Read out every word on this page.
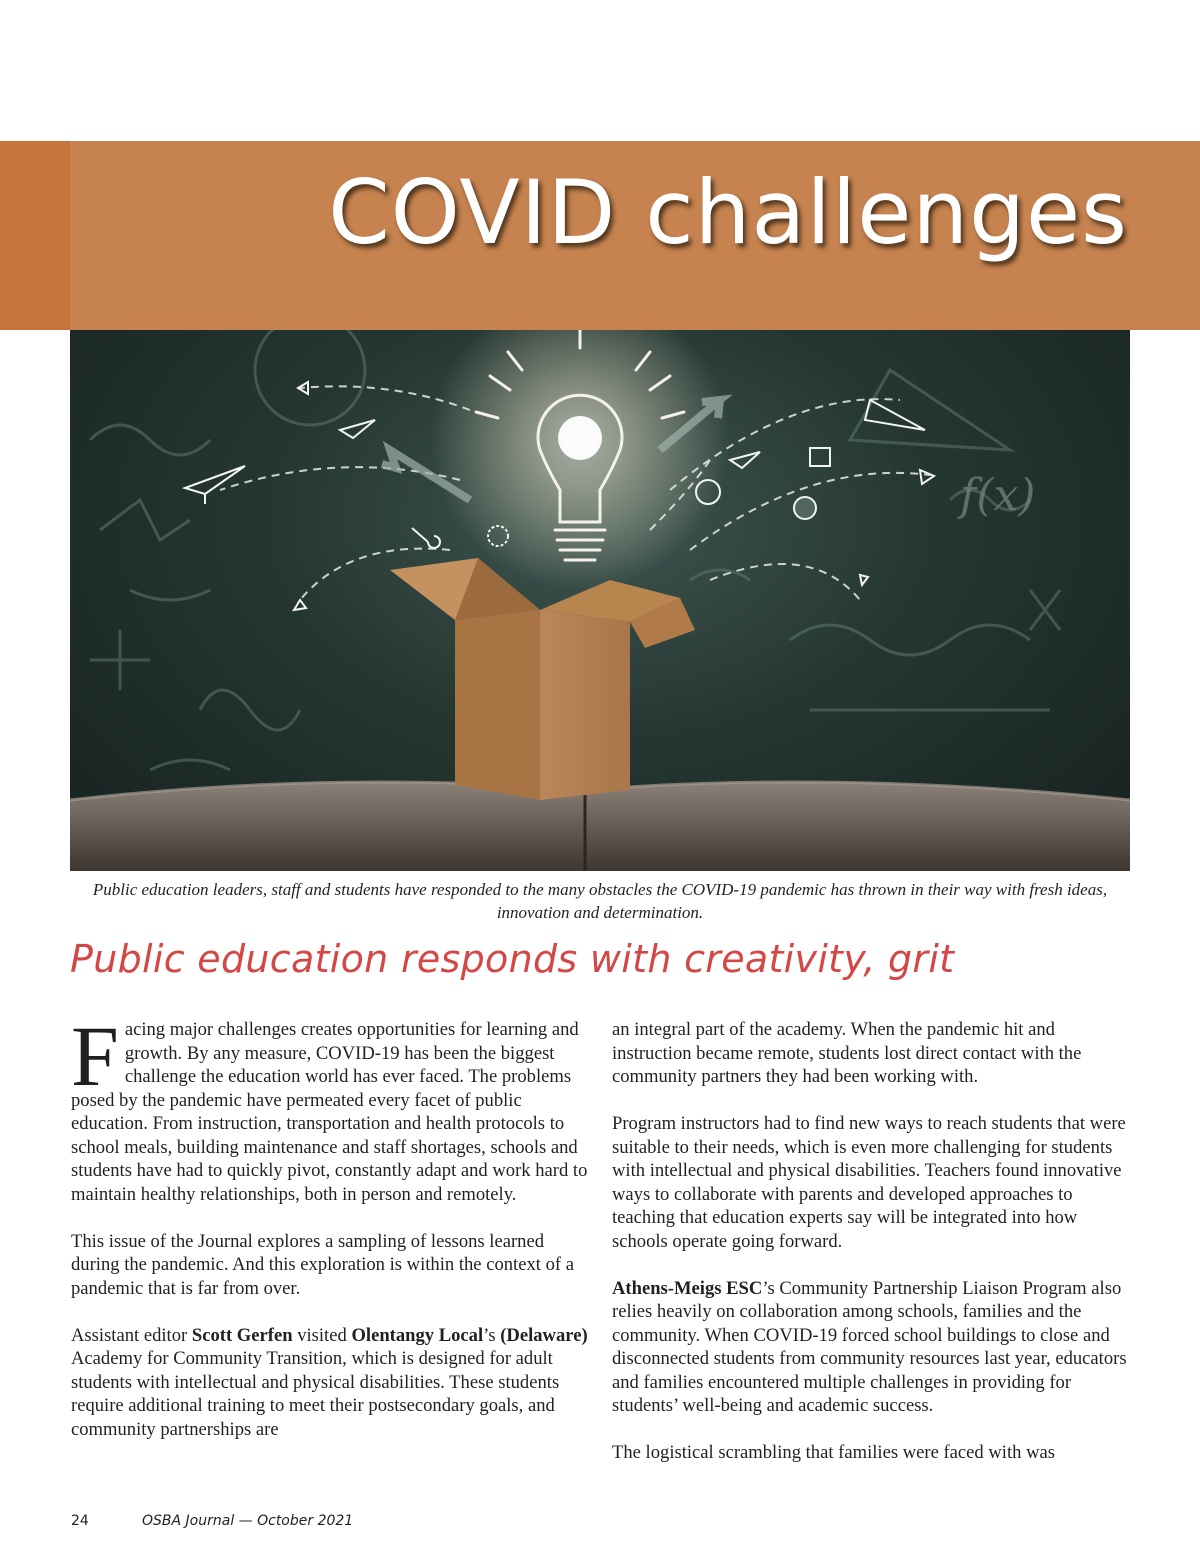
COVID challenges
f(x)

Public education leaders, staff and students have responded to the many obstacles the COVID-19 pandemic has thrown in their way with fresh ideas, innovation and determination.

Public education responds with creativity, grit

Facing major challenges creates opportunities for learning and growth. By any measure, COVID-19 has been the biggest challenge the education world has ever faced. The problems posed by the pandemic have permeated every facet of public education. From instruction, transportation and health protocols to school meals, building maintenance and staff shortages, schools and students have had to quickly pivot, constantly adapt and work hard to maintain healthy relationships, both in person and remotely.

This issue of the Journal explores a sampling of lessons learned during the pandemic. And this exploration is within the context of a pandemic that is far from over.

Assistant editor Scott Gerfen visited Olentangy Local’s (Delaware) Academy for Community Transition, which is designed for adult students with intellectual and physical disabilities. These students require additional training to meet their postsecondary goals, and community partnerships are

an integral part of the academy. When the pandemic hit and instruction became remote, students lost direct contact with the community partners they had been working with.

Program instructors had to find new ways to reach students that were suitable to their needs, which is even more challenging for students with intellectual and physical disabilities. Teachers found innovative ways to collaborate with parents and developed approaches to teaching that education experts say will be integrated into how schools operate going forward.

Athens-Meigs ESC’s Community Partnership Liaison Program also relies heavily on collaboration among schools, families and the community. When COVID-19 forced school buildings to close and disconnected students from community resources last year, educators and families encountered multiple challenges in providing for students’ well-being and academic success.

The logistical scrambling that families were faced with was

24	OSBA Journal — October 2021
